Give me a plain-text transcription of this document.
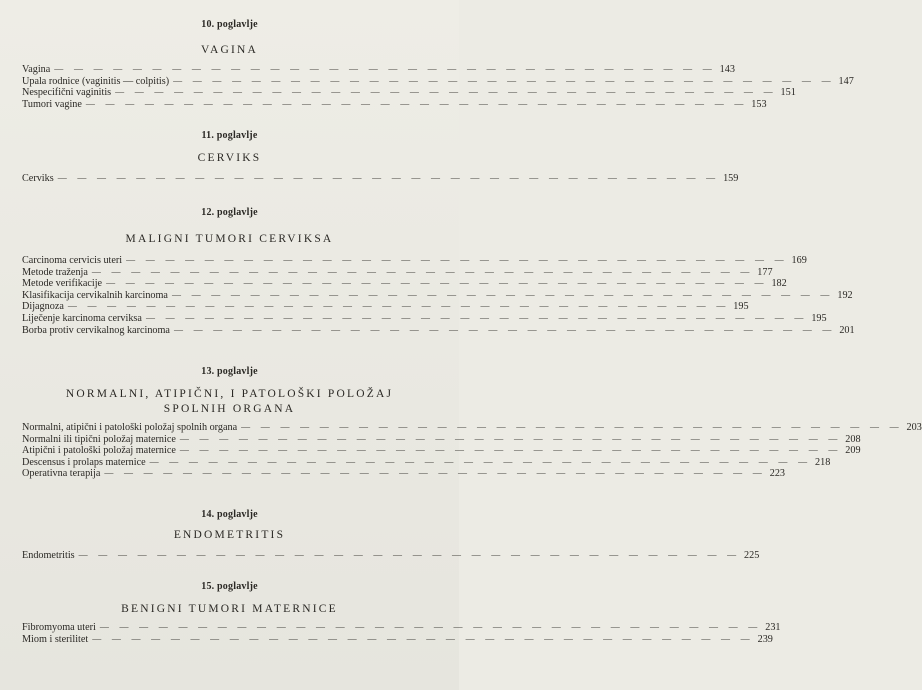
10. poglavlje

VAGINA

Vagina — — — — — — — — — — — — — — — — — — — — — — — — — — — — — — — — — — 143
Upala rodnice (vaginitis — colpitis) — — — — — — — — — — — — — — — — — — — — — — — — — — — — — — — — — — 147
Nespecifični vaginitis — — — — — — — — — — — — — — — — — — — — — — — — — — — — — — — — — — 151
Tumori vagine — — — — — — — — — — — — — — — — — — — — — — — — — — — — — — — — — — 153

11. poglavlje

CERVIKS

Cerviks — — — — — — — — — — — — — — — — — — — — — — — — — — — — — — — — — — 159

12. poglavlje

MALIGNI TUMORI CERVIKSA

Carcinoma cervicis uteri — — — — — — — — — — — — — — — — — — — — — — — — — — — — — — — — — — 169
Metode traženja — — — — — — — — — — — — — — — — — — — — — — — — — — — — — — — — — — 177
Metode verifikacije — — — — — — — — — — — — — — — — — — — — — — — — — — — — — — — — — — 182
Klasifikacija cervikalnih karcinoma — — — — — — — — — — — — — — — — — — — — — — — — — — — — — — — — — — 192
Dijagnoza — — — — — — — — — — — — — — — — — — — — — — — — — — — — — — — — — — 195
Liječenje karcinoma cerviksa — — — — — — — — — — — — — — — — — — — — — — — — — — — — — — — — — — 195
Borba protiv cervikalnog karcinoma — — — — — — — — — — — — — — — — — — — — — — — — — — — — — — — — — — 201

13. poglavlje

NORMALNI, ATIPIČNI, I PATOLOŠKI POLOŽAJ

SPOLNIH ORGANA

Normalni, atipični i patološki položaj spolnih organa — — — — — — — — — — — — — — — — — — — — — — — — — — — — — — — — — — 203
Normalni ili tipični položaj maternice — — — — — — — — — — — — — — — — — — — — — — — — — — — — — — — — — — 208
Atipični i patološki položaj maternice — — — — — — — — — — — — — — — — — — — — — — — — — — — — — — — — — — 209
Descensus i prolaps maternice — — — — — — — — — — — — — — — — — — — — — — — — — — — — — — — — — — 218
Operativna terapija — — — — — — — — — — — — — — — — — — — — — — — — — — — — — — — — — — 223

14. poglavlje

ENDOMETRITIS

Endometritis — — — — — — — — — — — — — — — — — — — — — — — — — — — — — — — — — — 225

15. poglavlje

BENIGNI TUMORI MATERNICE

Fibromyoma uteri — — — — — — — — — — — — — — — — — — — — — — — — — — — — — — — — — — 231
Miom i sterilitet — — — — — — — — — — — — — — — — — — — — — — — — — — — — — — — — — — 239
